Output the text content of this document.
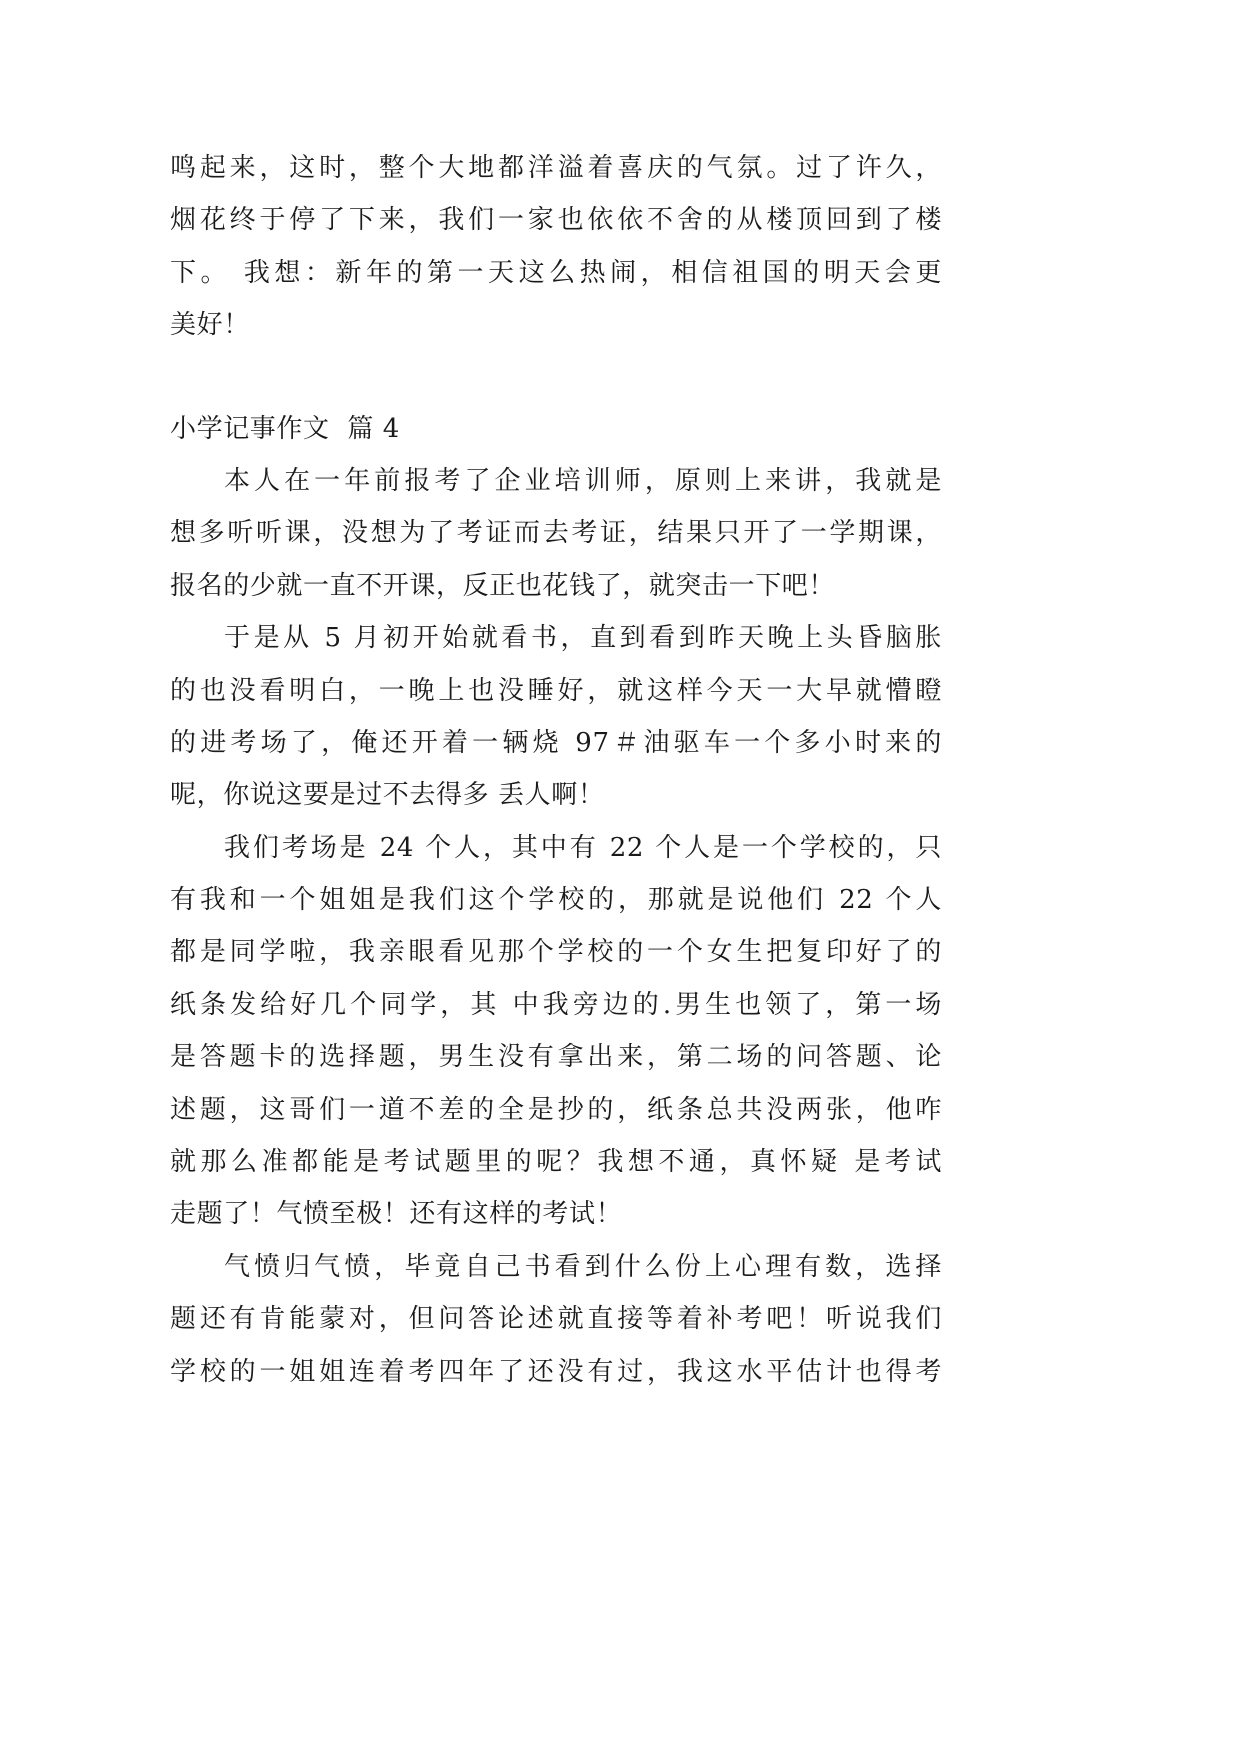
鸣起来，这时，整个大地都洋溢着喜庆的气氛。过了许久，
烟花终于停了下来，我们一家也依依不舍的从楼顶回到了楼
下。 我想：新年的第一天这么热闹，相信祖国的明天会更
美好！
小学记事作文  篇 4
本人在一年前报考了企业培训师，原则上来讲，我就是
想多听听课，没想为了考证而去考证，结果只开了一学期课，
报名的少就一直不开课，反正也花钱了，就突击一下吧！
于是从 5 月初开始就看书，直到看到昨天晚上头昏脑胀
的也没看明白，一晚上也没睡好，就这样今天一大早就懵瞪
的进考场了，俺还开着一辆烧 97＃油驱车一个多小时来的
呢，你说这要是过不去得多 丢人啊！
我们考场是 24 个人，其中有 22 个人是一个学校的，只
有我和一个姐姐是我们这个学校的，那就是说他们 22 个人
都是同学啦，我亲眼看见那个学校的一个女生把复印好了的
纸条发给好几个同学，其 中我旁边的.男生也领了，第一场
是答题卡的选择题，男生没有拿出来，第二场的问答题、论
述题，这哥们一道不差的全是抄的，纸条总共没两张，他咋
就那么准都能是考试题里的呢？我想不通，真怀疑 是考试
走题了！气愤至极！还有这样的考试！
气愤归气愤，毕竟自己书看到什么份上心理有数，选择
题还有肯能蒙对，但问答论述就直接等着补考吧！听说我们
学校的一姐姐连着考四年了还没有过，我这水平估计也得考
